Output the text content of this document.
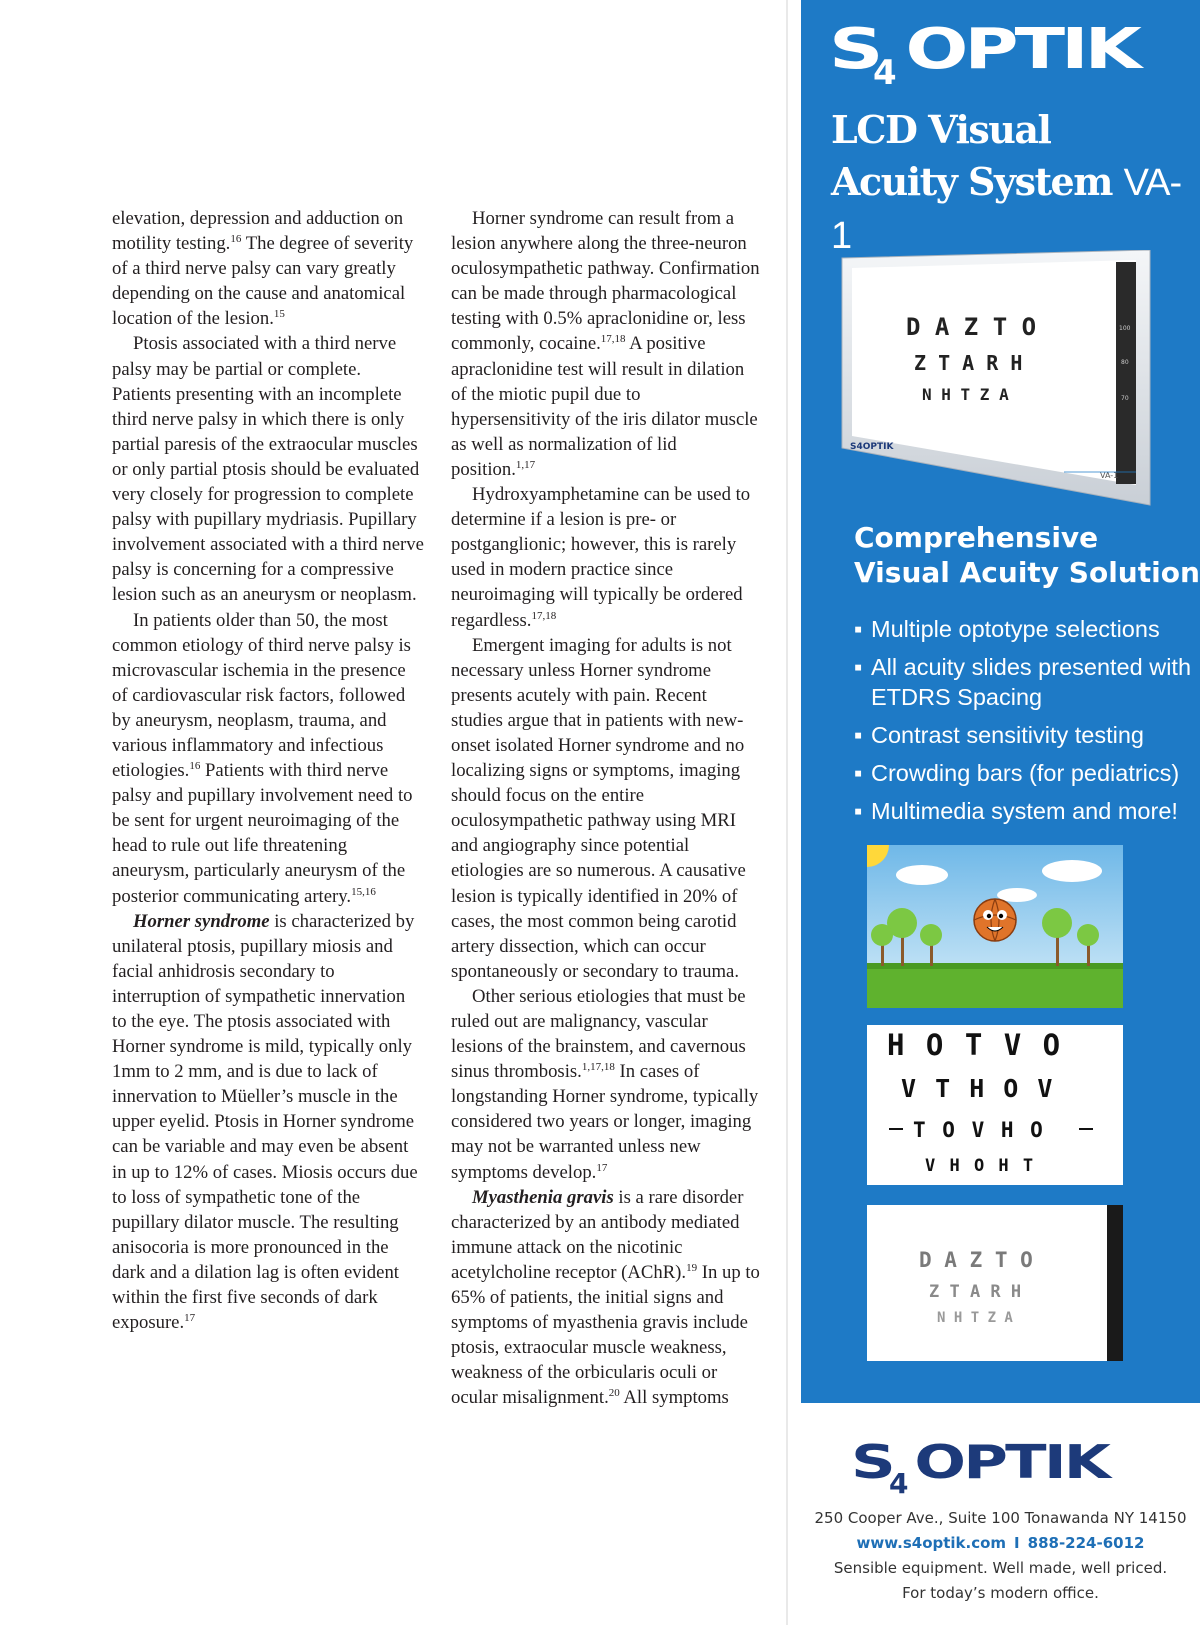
elevation, depression and adduction on motility testing.$^{16}$ The degree of severity of a third nerve palsy can vary greatly depending on the cause and anatomical location of the lesion.$^{15}$

Ptosis associated with a third nerve palsy may be partial or complete. Patients presenting with an incomplete third nerve palsy in which there is only partial paresis of the extraocular muscles or only partial ptosis should be evaluated very closely for progression to complete palsy with pupillary mydriasis. Pupillary involvement associated with a third nerve palsy is concerning for a compressive lesion such as an aneurysm or neoplasm.

In patients older than 50, the most common etiology of third nerve palsy is microvascular ischemia in the presence of cardiovascular risk factors, followed by aneurysm, neoplasm, trauma, and various inflammatory and infectious etiologies.$^{16}$ Patients with third nerve palsy and pupillary involvement need to be sent for urgent neuroimaging of the head to rule out life threatening aneurysm, particularly aneurysm of the posterior communicating artery.$^{15,16}$

Horner syndrome is characterized by unilateral ptosis, pupillary miosis and facial anhidrosis secondary to interruption of sympathetic innervation to the eye. The ptosis associated with Horner syndrome is mild, typically only 1mm to 2 mm, and is due to lack of innervation to Müeller’s muscle in the upper eyelid. Ptosis in Horner syndrome can be variable and may even be absent in up to 12% of cases. Miosis occurs due to loss of sympathetic tone of the pupillary dilator muscle. The resulting anisocoria is more pronounced in the dark and a dilation lag is often evident within the first five seconds of dark exposure.$^{17}$

Horner syndrome can result from a lesion anywhere along the three-neuron oculosympathetic pathway. Confirmation can be made through pharmacological testing with 0.5% apraclonidine or, less commonly, cocaine.$^{17,18}$ A positive apraclonidine test will result in dilation of the miotic pupil due to hypersensitivity of the iris dilator muscle as well as normalization of lid position.$^{1,17}$

Hydroxyamphetamine can be used to determine if a lesion is pre- or postganglionic; however, this is rarely used in modern practice since neuroimaging will typically be ordered regardless.$^{17,18}$

Emergent imaging for adults is not necessary unless Horner syndrome presents acutely with pain. Recent studies argue that in patients with new-onset isolated Horner syndrome and no localizing signs or symptoms, imaging should focus on the entire oculosympathetic pathway using MRI and angiography since potential etiologies are so numerous. A causative lesion is typically identified in 20% of cases, the most common being carotid artery dissection, which can occur spontaneously or secondary to trauma.

Other serious etiologies that must be ruled out are malignancy, vascular lesions of the brainstem, and cavernous sinus thrombosis.$^{1,17,18}$ In cases of longstanding Horner syndrome, typically considered two years or longer, imaging may not be warranted unless new symptoms develop.$^{17}$

Myasthenia gravis is a rare disorder characterized by an antibody mediated immune attack on the nicotinic acetylcholine receptor (AChR).$^{19}$ In up to 65% of patients, the initial signs and symptoms of myasthenia gravis include ptosis, extraocular muscle weakness, weakness of the orbicularis oculi or ocular misalignment.$^{20}$ All symptoms

S
4 OPTIK
LCD Visual
Acuity System VA-1
D A Z T O
Z T A R H
N H T Z A
100
80
70
S4OPTIK
VA-1
Comprehensive
Visual Acuity Solution
▪ Multiple optotype selections
▪ All acuity slides presented with ETDRS Spacing
▪ Contrast sensitivity testing
▪ Crowding bars (for pediatrics)
▪ Multimedia system and more!
H O T V O
V T H O V
T O V H O
V H O H T
D A Z T O
Z T A R H
N H T Z A
S
4 OPTIK
250 Cooper Ave., Suite 100 Tonawanda NY 14150
www.s4optik.com I 888-224-6012
Sensible equipment. Well made, well priced.
For today’s modern office.
